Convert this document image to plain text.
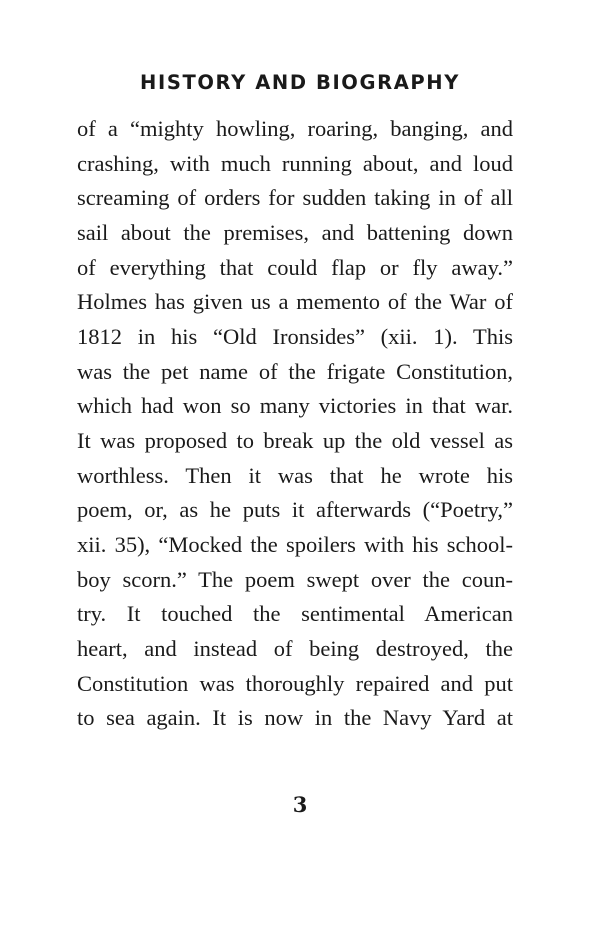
HISTORY AND BIOGRAPHY
of a “mighty howling, roaring, banging, and
crashing, with much running about, and loud
screaming of orders for sudden taking in of all
sail about the premises, and battening down
of everything that could flap or fly away.”
Holmes has given us a memento of the War of
1812 in his “Old Ironsides” (xii. 1). This
was the pet name of the frigate Constitution,
which had won so many victories in that war.
It was proposed to break up the old vessel as
worthless. Then it was that he wrote his
poem, or, as he puts it afterwards (“Poetry,”
xii. 35), “Mocked the spoilers with his school-
boy scorn.” The poem swept over the coun-
try. It touched the sentimental American
heart, and instead of being destroyed, the
Constitution was thoroughly repaired and put
to sea again. It is now in the Navy Yard at
3
